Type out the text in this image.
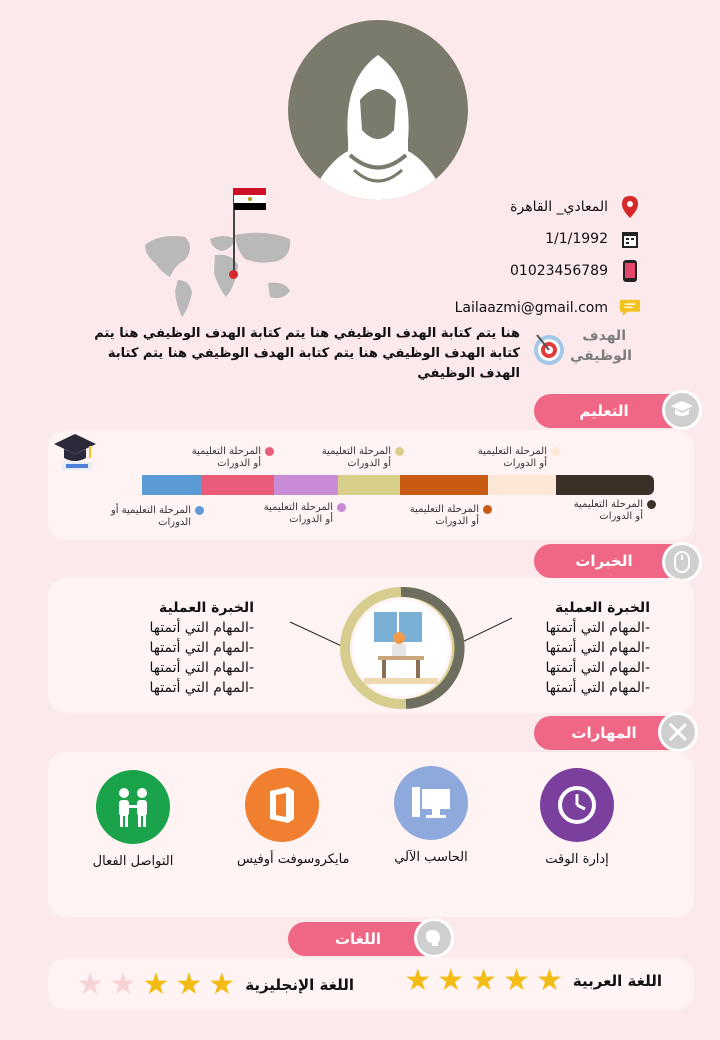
المعادي_ القاهرة
1/1/1992
01023456789
Lailaazmi@gmail.com
الهدف الوظيفي
هنا يتم كتابة الهدف الوظيفي هنا يتم كتابة الهدف الوظيفي هنا يتم كتابة الهدف الوظيفي هنا يتم كتابة الهدف الوظيفي هنا يتم كتابة الهدف الوظيفي
التعليم
المرحلة التعليمية أو الدورات
المرحلة التعليمية أو الدورات
المرحلة التعليمية أو الدورات
المرحلة التعليمية أو الدورات
المرحلة التعليمية أو الدورات
المرحلة التعليمية أو الدورات
المرحلة التعليمية أو الدورات
الخبرات
الخبرة العملية
-المهام التي أتمتها
-المهام التي أتمتها
-المهام التي أتمتها
-المهام التي أتمتها
الخبرة العملية
-المهام التي أتمتها
-المهام التي أتمتها
-المهام التي أتمتها
-المهام التي أتمتها
المهارات
إدارة الوقت
الحاسب الآلي
مايكروسوفت أوفيس
التواصل الفعال
اللغات
اللغة العربية
★
★
★
★
★
اللغة الإنجليزية
★
★
★
★
★
